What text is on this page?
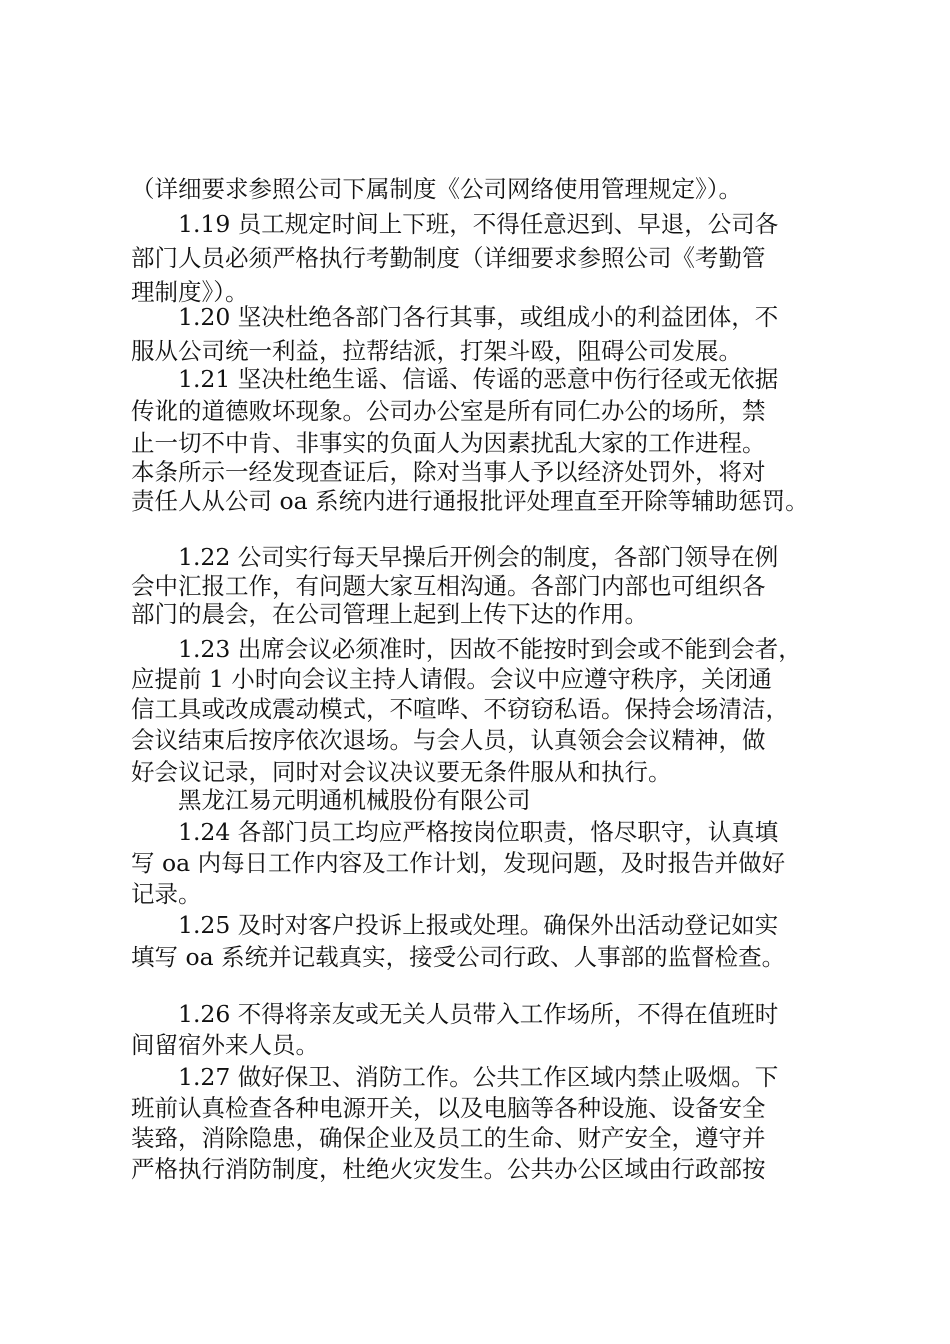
（详细要求参照公司下属制度《公司网络使用管理规定》）。
1.19 员工规定时间上下班，不得任意迟到、早退，公司各
部门人员必须严格执行考勤制度（详细要求参照公司《考勤管
理制度》）。
1.20 坚决杜绝各部门各行其事，或组成小的利益团体，不
服从公司统一利益，拉帮结派，打架斗殴，阻碍公司发展。
1.21 坚决杜绝生谣、信谣、传谣的恶意中伤行径或无依据
传讹的道德败坏现象。公司办公室是所有同仁办公的场所，禁
止一切不中肯、非事实的负面人为因素扰乱大家的工作进程。
本条所示一经发现查证后，除对当事人予以经济处罚外，将对
责任人从公司 oa 系统内进行通报批评处理直至开除等辅助惩罚。
1.22 公司实行每天早操后开例会的制度，各部门领导在例
会中汇报工作，有问题大家互相沟通。各部门内部也可组织各
部门的晨会，在公司管理上起到上传下达的作用。
1.23 出席会议必须准时，因故不能按时到会或不能到会者，
应提前 1 小时向会议主持人请假。会议中应遵守秩序，关闭通
信工具或改成震动模式，不喧哗、不窃窃私语。保持会场清洁，
会议结束后按序依次退场。与会人员，认真领会会议精神，做
好会议记录，同时对会议决议要无条件服从和执行。
黑龙江易元明通机械股份有限公司
1.24 各部门员工均应严格按岗位职责，恪尽职守，认真填
写 oa 内每日工作内容及工作计划，发现问题，及时报告并做好
记录。
1.25 及时对客户投诉上报或处理。确保外出活动登记如实
填写 oa 系统并记载真实，接受公司行政、人事部的监督检查。
1.26 不得将亲友或无关人员带入工作场所，不得在值班时
间留宿外来人员。
1.27 做好保卫、消防工作。公共工作区域内禁止吸烟。下
班前认真检查各种电源开关，以及电脑等各种设施、设备安全
装臵，消除隐患，确保企业及员工的生命、财产安全，遵守并
严格执行消防制度，杜绝火灾发生。公共办公区域由行政部按
